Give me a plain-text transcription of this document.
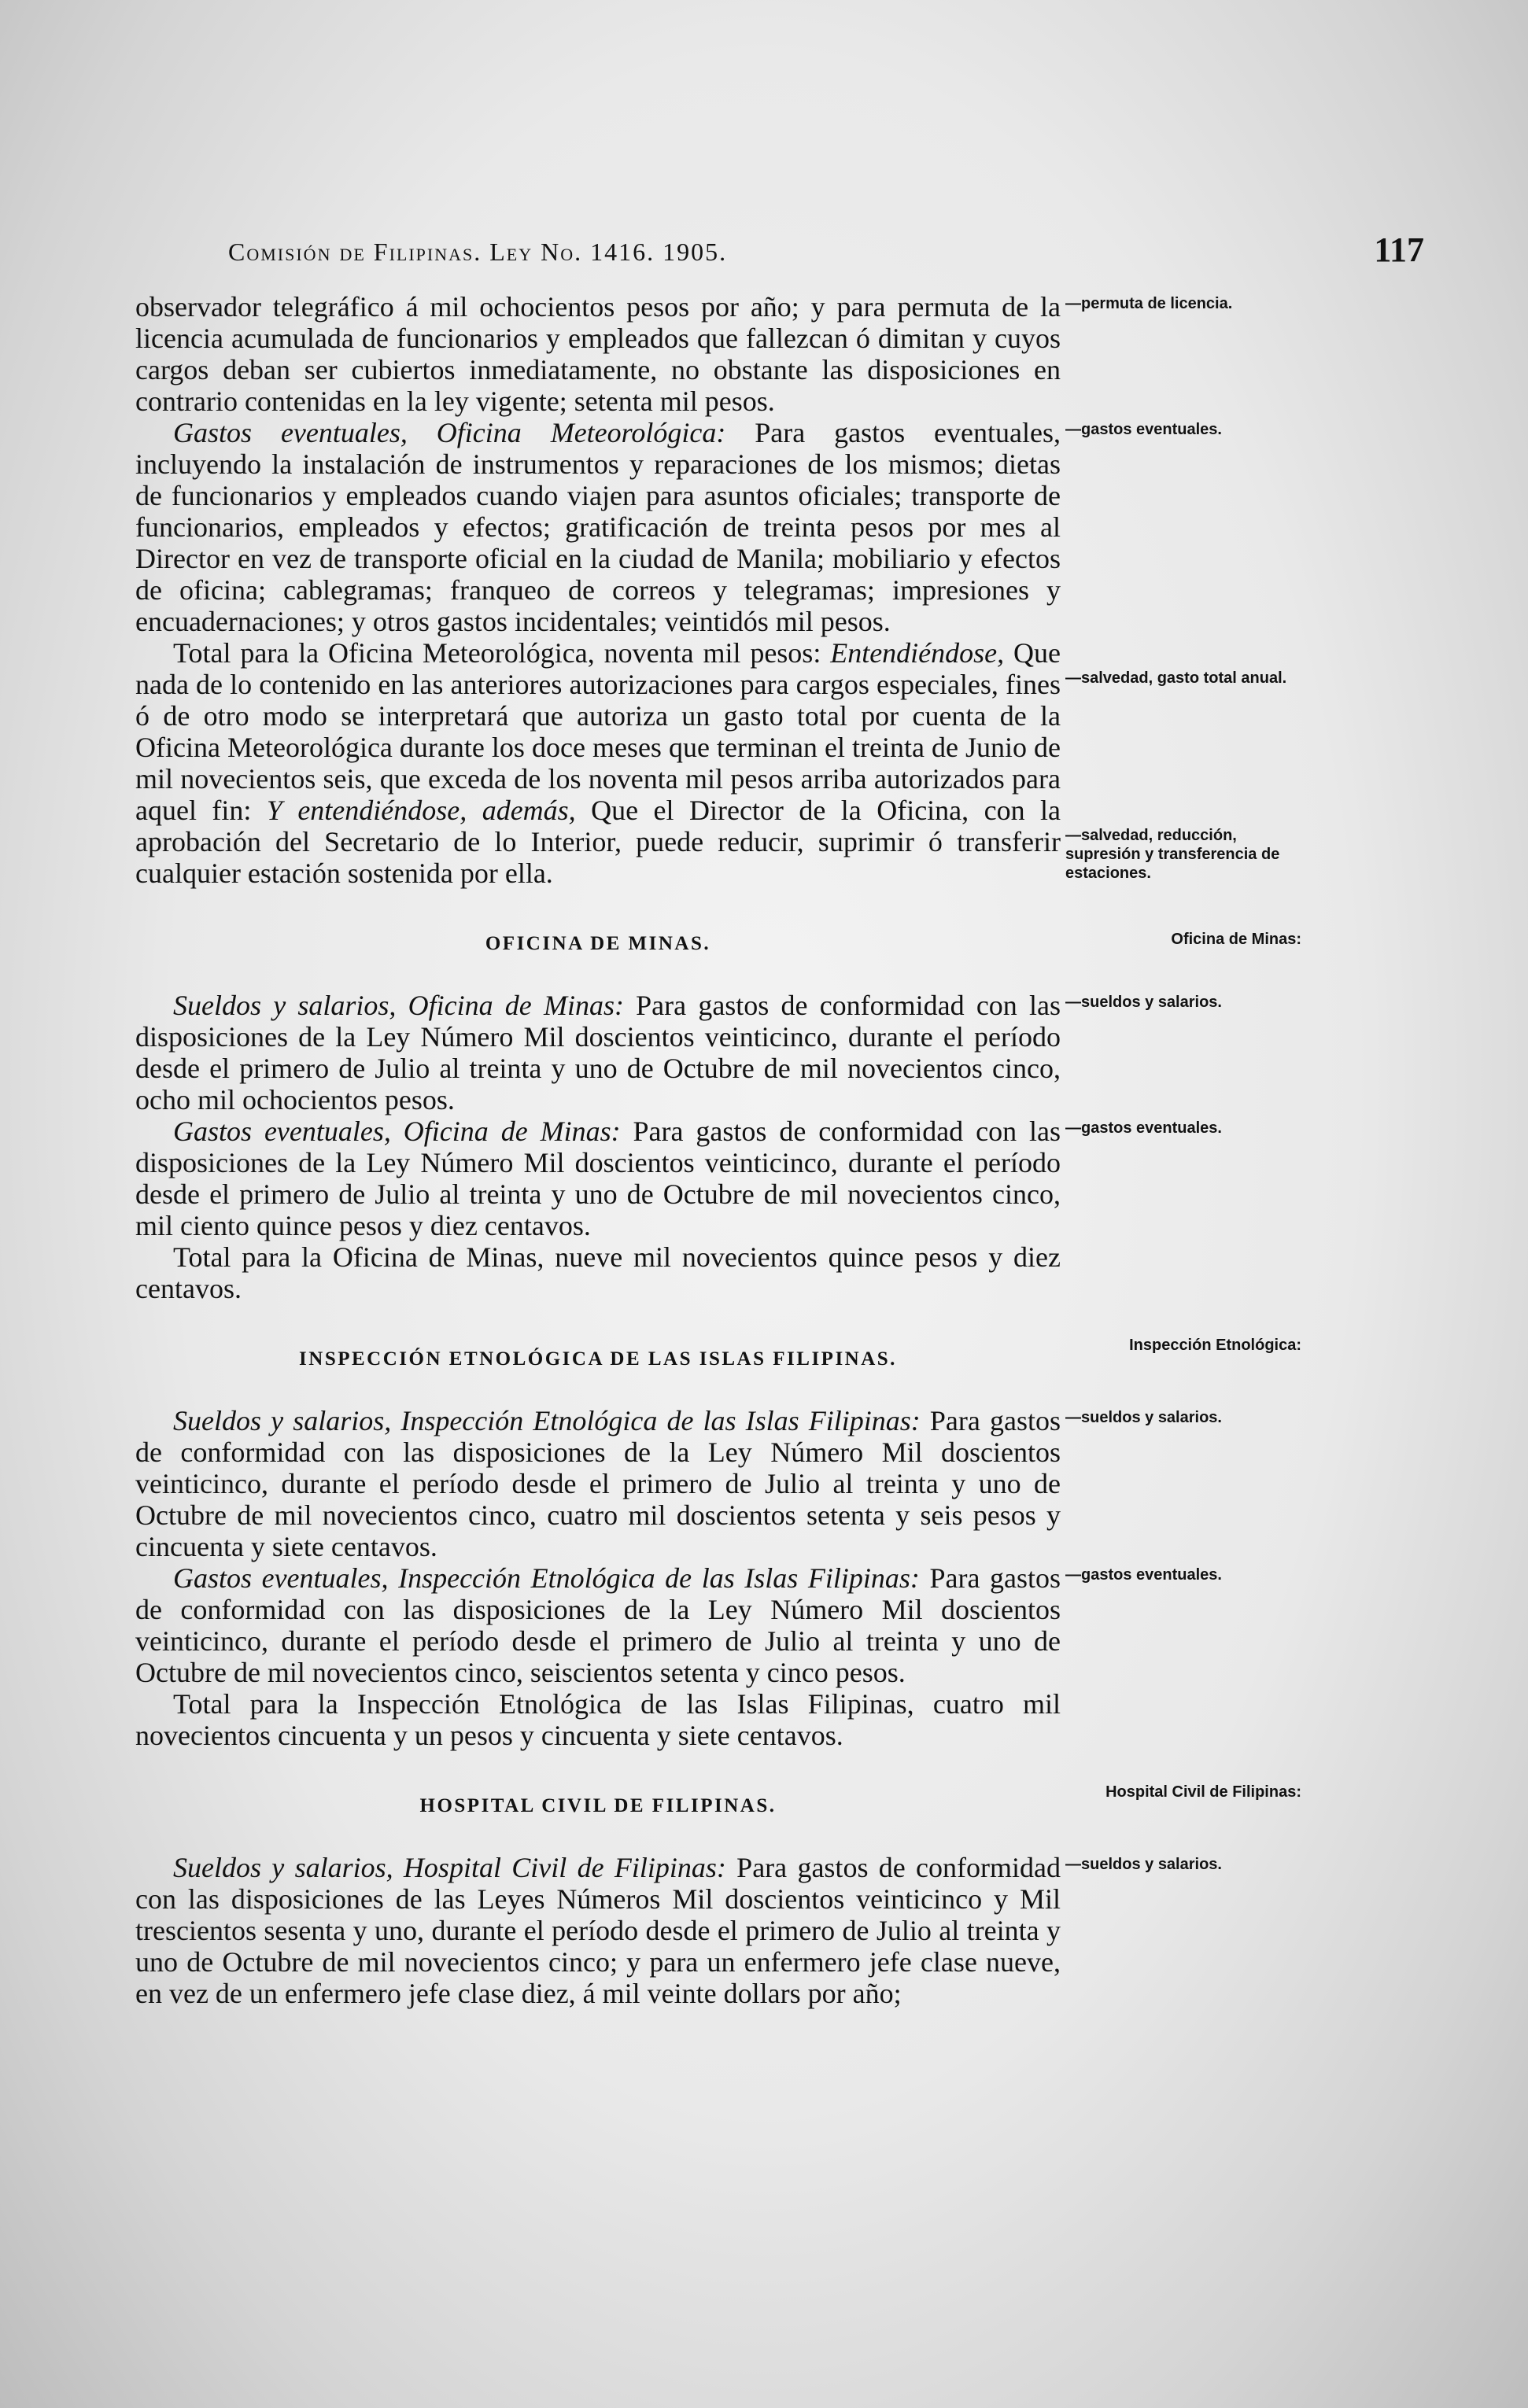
Comisión de Filipinas. Ley No. 1416. 1905.	117

observador telegráfico á mil ochocientos pesos por año; y para permuta de la licencia acumulada de funcionarios y empleados que fallezcan ó dimitan y cuyos cargos deban ser cubiertos inmediatamente, no obstante las disposiciones en contrario contenidas en la ley vigente; setenta mil pesos.

—permuta de licencia.

Gastos eventuales, Oficina Meteorológica: Para gastos eventuales, incluyendo la instalación de instrumentos y reparaciones de los mismos; dietas de funcionarios y empleados cuando viajen para asuntos oficiales; transporte de funcionarios, empleados y efectos; gratificación de treinta pesos por mes al Director en vez de transporte oficial en la ciudad de Manila; mobiliario y efectos de oficina; cablegramas; franqueo de correos y telegramas; impresiones y encuadernaciones; y otros gastos incidentales; veintidós mil pesos.

—gastos eventuales.

Total para la Oficina Meteorológica, noventa mil pesos: Entendiéndose, Que nada de lo contenido en las anteriores autorizaciones para cargos especiales, fines ó de otro modo se interpretará que autoriza un gasto total por cuenta de la Oficina Meteorológica durante los doce meses que terminan el treinta de Junio de mil novecientos seis, que exceda de los noventa mil pesos arriba autorizados para aquel fin: Y entendiéndose, además, Que el Director de la Oficina, con la aprobación del Secretario de lo Interior, puede reducir, suprimir ó transferir cualquier estación sostenida por ella.

—salvedad, gasto total anual.
—salvedad, reducción, supresión y transferencia de estaciones.
OFICINA DE MINAS.	Oficina de Minas:

Sueldos y salarios, Oficina de Minas: Para gastos de conformidad con las disposiciones de la Ley Número Mil doscientos veinticinco, durante el período desde el primero de Julio al treinta y uno de Octubre de mil novecientos cinco, ocho mil ochocientos pesos.

—sueldos y salarios.

Gastos eventuales, Oficina de Minas: Para gastos de conformidad con las disposiciones de la Ley Número Mil doscientos veinticinco, durante el período desde el primero de Julio al treinta y uno de Octubre de mil novecientos cinco, mil ciento quince pesos y diez centavos.

—gastos eventuales.

Total para la Oficina de Minas, nueve mil novecientos quince pesos y diez centavos.

INSPECCIÓN ETNOLÓGICA DE LAS ISLAS FILIPINAS.
Inspección Etnológica:

Sueldos y salarios, Inspección Etnológica de las Islas Filipinas: Para gastos de conformidad con las disposiciones de la Ley Número Mil doscientos veinticinco, durante el período desde el primero de Julio al treinta y uno de Octubre de mil novecientos cinco, cuatro mil doscientos setenta y seis pesos y cincuenta y siete centavos.

—sueldos y salarios.

Gastos eventuales, Inspección Etnológica de las Islas Filipinas: Para gastos de conformidad con las disposiciones de la Ley Número Mil doscientos veinticinco, durante el período desde el primero de Julio al treinta y uno de Octubre de mil novecientos cinco, seiscientos setenta y cinco pesos.

—gastos eventuales.

Total para la Inspección Etnológica de las Islas Filipinas, cuatro mil novecientos cincuenta y un pesos y cincuenta y siete centavos.

HOSPITAL CIVIL DE FILIPINAS.
Hospital Civil de Filipinas:

Sueldos y salarios, Hospital Civil de Filipinas: Para gastos de conformidad con las disposiciones de las Leyes Números Mil doscientos veinticinco y Mil trescientos sesenta y uno, durante el período desde el primero de Julio al treinta y uno de Octubre de mil novecientos cinco; y para un enfermero jefe clase nueve, en vez de un enfermero jefe clase diez, á mil veinte dollars por año;

—sueldos y salarios.
